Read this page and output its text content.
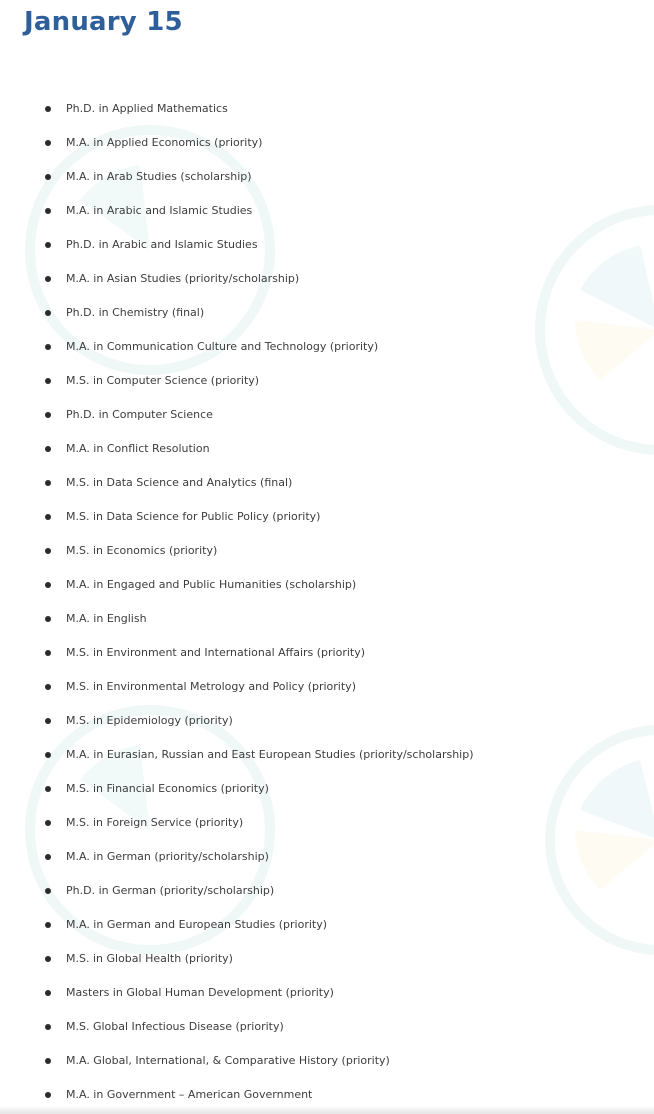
January 15
Ph.D. in Applied Mathematics
M.A. in Applied Economics (priority)
M.A. in Arab Studies (scholarship)
M.A. in Arabic and Islamic Studies
Ph.D. in Arabic and Islamic Studies
M.A. in Asian Studies (priority/scholarship)
Ph.D. in Chemistry (final)
M.A. in Communication Culture and Technology (priority)
M.S. in Computer Science (priority)
Ph.D. in Computer Science
M.A. in Conflict Resolution
M.S. in Data Science and Analytics (final)
M.S. in Data Science for Public Policy (priority)
M.S. in Economics (priority)
M.A. in Engaged and Public Humanities (scholarship)
M.A. in English
M.S. in Environment and International Affairs (priority)
M.S. in Environmental Metrology and Policy (priority)
M.S. in Epidemiology (priority)
M.A. in Eurasian, Russian and East European Studies (priority/scholarship)
M.S. in Financial Economics (priority)
M.S. in Foreign Service (priority)
M.A. in German (priority/scholarship)
Ph.D. in German (priority/scholarship)
M.A. in German and European Studies (priority)
M.S. in Global Health (priority)
Masters in Global Human Development (priority)
M.S. Global Infectious Disease (priority)
M.A. Global, International, & Comparative History (priority)
M.A. in Government – American Government
